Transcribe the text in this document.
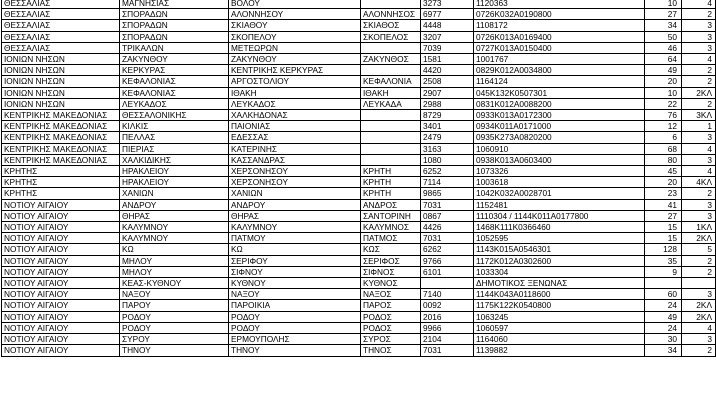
ΘΕΣΣΑΛΙΑΣ	ΜΑΓΝΗΣΙΑΣ	ΒΟΛΟΥ		3273	1120363	10	4
ΘΕΣΣΑΛΙΑΣ	ΣΠΟΡΑΔΩΝ	ΑΛΟΝΝΗΣΟΥ	ΑΛΟΝΝΗΣΟΣ	6977	0726Κ032Α0190800	27	2
ΘΕΣΣΑΛΙΑΣ	ΣΠΟΡΑΔΩΝ	ΣΚΙΑΘΟΥ	ΣΚΙΑΘΟΣ	4448	1108172	34	3
ΘΕΣΣΑΛΙΑΣ	ΣΠΟΡΑΔΩΝ	ΣΚΟΠΕΛΟΥ	ΣΚΟΠΕΛΟΣ	3207	0726Κ013Α0169400	50	3
ΘΕΣΣΑΛΙΑΣ	ΤΡΙΚΑΛΩΝ	ΜΕΤΕΩΡΩΝ		7039	0727Κ013Α0150400	46	3
ΙΟΝΙΩΝ ΝΗΣΩΝ	ΖΑΚΥΝΘΟΥ	ΖΑΚΥΝΘΟΥ	ΖΑΚΥΝΘΟΣ	1581	1001767	64	4
ΙΟΝΙΩΝ ΝΗΣΩΝ	ΚΕΡΚΥΡΑΣ	ΚΕΝΤΡΙΚΗΣ ΚΕΡΚΥΡΑΣ		4420	0829Κ012Α0034800	49	2
ΙΟΝΙΩΝ ΝΗΣΩΝ	ΚΕΦΑΛΟΝΙΑΣ	ΑΡΓΟΣΤΟΛΙΟΥ	ΚΕΦΑΛΟΝΙΑ	2508	1164124	20	2
ΙΟΝΙΩΝ ΝΗΣΩΝ	ΚΕΦΑΛΟΝΙΑΣ	ΙΘΑΚΗ	ΙΘΑΚΗ	2907	045Κ132Κ0507301	10	2ΚΛ
ΙΟΝΙΩΝ ΝΗΣΩΝ	ΛΕΥΚΑΔΟΣ	ΛΕΥΚΑΔΟΣ	ΛΕΥΚΑΔΑ	2988	0831Κ012Α0088200	22	2
ΚΕΝΤΡΙΚΗΣ ΜΑΚΕΔΟΝΙΑΣ	ΘΕΣΣΑΛΟΝΙΚΗΣ	ΧΑΛΚΗΔΟΝΑΣ		8729	0933Κ013Α0172300	76	3ΚΛ
ΚΕΝΤΡΙΚΗΣ ΜΑΚΕΔΟΝΙΑΣ	ΚΙΛΚΙΣ	ΠΑΙΟΝΙΑΣ		3401	0934Κ011Α0171000	12	1
ΚΕΝΤΡΙΚΗΣ ΜΑΚΕΔΟΝΙΑΣ	ΠΕΛΛΑΣ	ΕΔΕΣΣΑΣ		2479	0935Κ273Α0820200	6	3
ΚΕΝΤΡΙΚΗΣ ΜΑΚΕΔΟΝΙΑΣ	ΠΙΕΡΙΑΣ	ΚΑΤΕΡΙΝΗΣ		3163	1060910	68	4
ΚΕΝΤΡΙΚΗΣ ΜΑΚΕΔΟΝΙΑΣ	ΧΑΛΚΙΔΙΚΗΣ	ΚΑΣΣΑΝΔΡΑΣ		1080	0938Κ013Α0603400	80	3
ΚΡΗΤΗΣ	ΗΡΑΚΛΕΙΟΥ	ΧΕΡΣΟΝΗΣΟΥ	ΚΡΗΤΗ	6252	1073326	45	4
ΚΡΗΤΗΣ	ΗΡΑΚΛΕΙΟΥ	ΧΕΡΣΟΝΗΣΟΥ	ΚΡΗΤΗ	7114	1003618	20	4ΚΛ
ΚΡΗΤΗΣ	ΧΑΝΙΩΝ	ΧΑΝΙΩΝ	ΚΡΗΤΗ	9865	1042Κ032Α0028701	23	2
ΝΟΤΙΟΥ ΑΙΓΑΙΟΥ	ΑΝΔΡΟΥ	ΑΝΔΡΟΥ	ΑΝΔΡΟΣ	7031	1152481	41	3
ΝΟΤΙΟΥ ΑΙΓΑΙΟΥ	ΘΗΡΑΣ	ΘΗΡΑΣ	ΣΑΝΤΟΡΙΝΗ	0867	1110304 / 1144Κ011Α0177800	27	3
ΝΟΤΙΟΥ ΑΙΓΑΙΟΥ	ΚΑΛΥΜΝΟΥ	ΚΑΛΥΜΝΟΥ	ΚΑΛΥΜΝΟΣ	4426	1468Κ111Κ0366460	15	1ΚΛ
ΝΟΤΙΟΥ ΑΙΓΑΙΟΥ	ΚΑΛΥΜΝΟΥ	ΠΑΤΜΟΥ	ΠΑΤΜΟΣ	7031	1052595	15	2ΚΛ
ΝΟΤΙΟΥ ΑΙΓΑΙΟΥ	ΚΩ	ΚΩ	ΚΩΣ	6262	1143Κ015Α0546301	128	5
ΝΟΤΙΟΥ ΑΙΓΑΙΟΥ	ΜΗΛΟΥ	ΣΕΡΙΦΟΥ	ΣΕΡΙΦΟΣ	9766	1172Κ012Α0302600	35	2
ΝΟΤΙΟΥ ΑΙΓΑΙΟΥ	ΜΗΛΟΥ	ΣΙΦΝΟΥ	ΣΙΦΝΟΣ	6101	1033304	9	2
ΝΟΤΙΟΥ ΑΙΓΑΙΟΥ	ΚΕΑΣ-ΚΥΘΝΟΥ	ΚΥΘΝΟΥ	ΚΥΘΝΟΣ		ΔΗΜΟΤΙΚΟΣ ΞΕΝΩΝΑΣ		
ΝΟΤΙΟΥ ΑΙΓΑΙΟΥ	ΝΑΞΟΥ	ΝΑΞΟΥ	ΝΑΞΟΣ	7140	1144Κ043Α0118600	60	3
ΝΟΤΙΟΥ ΑΙΓΑΙΟΥ	ΠΑΡΟΥ	ΠΑΡΟΙΚΙΑ	ΠΑΡΟΣ	0092	1175Κ122Κ0540800	24	2ΚΛ
ΝΟΤΙΟΥ ΑΙΓΑΙΟΥ	ΡΟΔΟΥ	ΡΟΔΟΥ	ΡΟΔΟΣ	2016	1063245	49	2ΚΛ
ΝΟΤΙΟΥ ΑΙΓΑΙΟΥ	ΡΟΔΟΥ	ΡΟΔΟΥ	ΡΟΔΟΣ	9966	1060597	24	4
ΝΟΤΙΟΥ ΑΙΓΑΙΟΥ	ΣΥΡΟΥ	ΕΡΜΟΥΠΟΛΗΣ	ΣΥΡΟΣ	2104	1164060	30	3
ΝΟΤΙΟΥ ΑΙΓΑΙΟΥ	ΤΗΝΟΥ	ΤΗΝΟΥ	ΤΗΝΟΣ	7031	1139882	34	2
